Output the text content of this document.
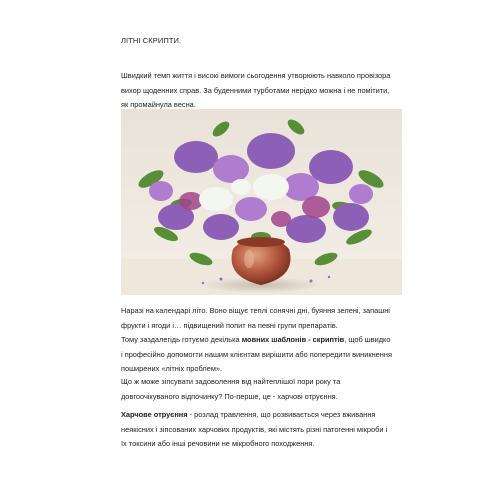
ЛІТНІ СКРИПТИ.

Швидкий темп життя і високі вимоги сьогодення утворюють навколо провізора вихор щоденних справ. За буденними турботами нерідко можна і не помітити, як промайнула весна.

Наразі на календарі літо. Воно віщує теплі сонячні дні, буяння зелені, запашні фрукти і ягоди і… підвищений попит на певні групи препаратів.

Тому заздалегідь готуємо декілька мовних шаблонів - скриптів, щоб швидко і професійно допомогти нашим клієнтам вирішити або попередити виникнення поширених «літніх проблем».

Що ж може зіпсувати задоволення від найтеплішої пори року та довгоочікуваного відпочинку? По-перше, це - харчові отруєння.

Харчове отруєння - розлад травлення, що розвивається через вживання неякісних і зіпсованих харчових продуктів, які містять різні патогенні мікроби і їх токсини або інші речовини не мікробного походження.
